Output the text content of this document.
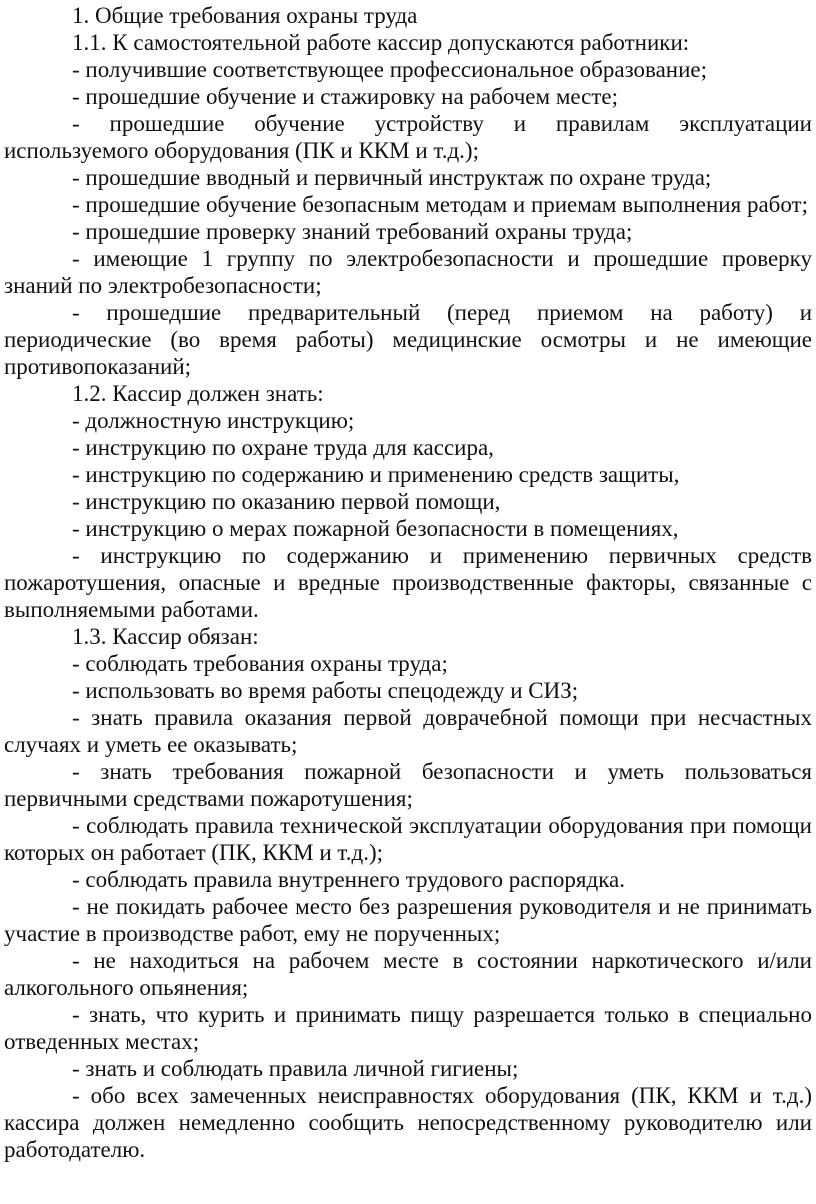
1. Общие требования охраны труда

1.1. К самостоятельной работе кассир допускаются работники:

- получившие соответствующее профессиональное образование;

- прошедшие обучение и стажировку на рабочем месте;

- прошедшие обучение устройству и правилам эксплуатации используемого оборудования (ПК и ККМ и т.д.);

- прошедшие вводный и первичный инструктаж по охране труда;

- прошедшие обучение безопасным методам и приемам выполнения работ;

- прошедшие проверку знаний требований охраны труда;

- имеющие 1 группу по электробезопасности и прошедшие проверку знаний по электробезопасности;

- прошедшие предварительный (перед приемом на работу) и периодические (во время работы) медицинские осмотры и не имеющие противопоказаний;

1.2. Кассир должен знать:

- должностную инструкцию;

- инструкцию по охране труда для кассира,

- инструкцию по содержанию и применению средств защиты,

- инструкцию по оказанию первой помощи,

- инструкцию о мерах пожарной безопасности в помещениях,

- инструкцию по содержанию и применению первичных средств пожаротушения, опасные и вредные производственные факторы, связанные с выполняемыми работами.

1.3. Кассир обязан:

- соблюдать требования охраны труда;

- использовать во время работы спецодежду и СИЗ;

- знать правила оказания первой доврачебной помощи при несчастных случаях и уметь ее оказывать;

- знать требования пожарной безопасности и уметь пользоваться первичными средствами пожаротушения;

- соблюдать правила технической эксплуатации оборудования при помощи которых он работает (ПК, ККМ и т.д.);

- соблюдать правила внутреннего трудового распорядка.

- не покидать рабочее место без разрешения руководителя и не принимать участие в производстве работ, ему не порученных;

- не находиться на рабочем месте в состоянии наркотического и/или алкогольного опьянения;

- знать, что курить и принимать пищу разрешается только в специально отведенных местах;

- знать и соблюдать правила личной гигиены;

- обо всех замеченных неисправностях оборудования (ПК, ККМ и т.д.) кассира должен немедленно сообщить непосредственному руководителю или работодателю.
